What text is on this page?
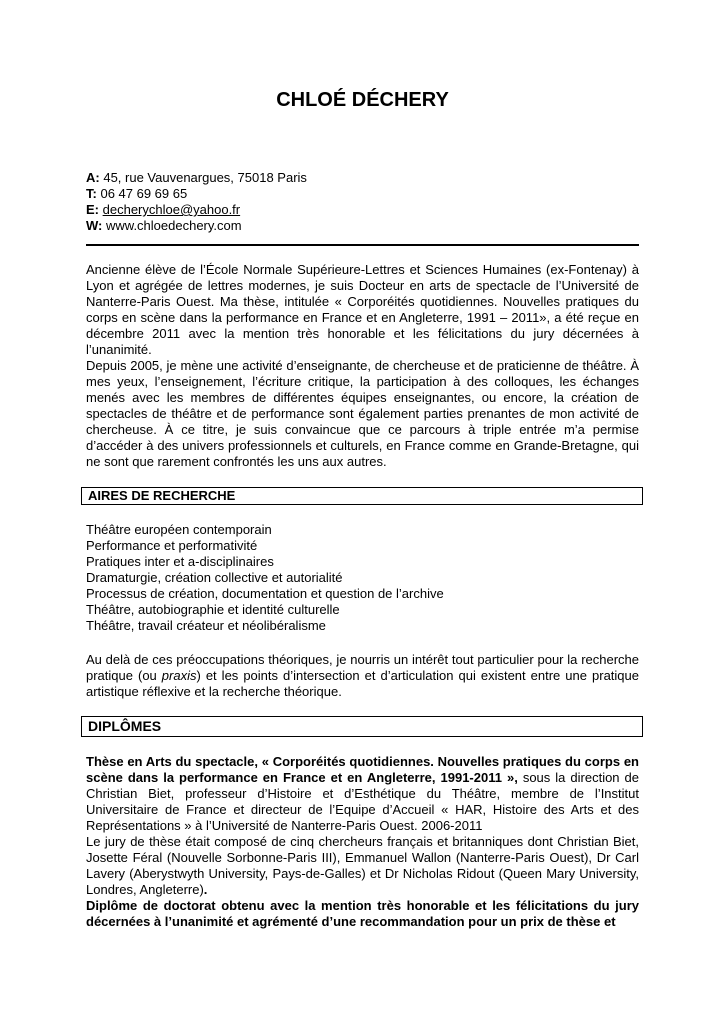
CHLOÉ DÉCHERY
A: 45, rue Vauvenargues, 75018 Paris
T: 06 47 69 69 65
E: decherychloe@yahoo.fr
W: www.chloedechery.com

Ancienne élève de l’École Normale Supérieure-Lettres et Sciences Humaines (ex-Fontenay) à Lyon et agrégée de lettres modernes, je suis Docteur en arts de spectacle de l’Université de Nanterre-Paris Ouest. Ma thèse, intitulée « Corporéités quotidiennes. Nouvelles pratiques du corps en scène dans la performance en France et en Angleterre, 1991 – 2011», a été reçue en décembre 2011 avec la mention très honorable et les félicitations du jury décernées à l’unanimité.

Depuis 2005, je mène une activité d’enseignante, de chercheuse et de praticienne de théâtre. À mes yeux, l’enseignement, l’écriture critique, la participation à des colloques, les échanges menés avec les membres de différentes équipes enseignantes, ou encore, la création de spectacles de théâtre et de performance sont également parties prenantes de mon activité de chercheuse. À ce titre, je suis convaincue que ce parcours à triple entrée m’a permise d’accéder à des univers professionnels et culturels, en France comme en Grande-Bretagne, qui ne sont que rarement confrontés les uns aux autres.

AIRES DE RECHERCHE
Théâtre européen contemporain
Performance et performativité
Pratiques inter et a-disciplinaires
Dramaturgie, création collective et autorialité
Processus de création, documentation et question de l’archive
Théâtre, autobiographie et identité culturelle
Théâtre, travail créateur et néolibéralisme

Au delà de ces préoccupations théoriques, je nourris un intérêt tout particulier pour la recherche pratique (ou praxis) et les points d’intersection et d’articulation qui existent entre une pratique artistique réflexive et la recherche théorique.

DIPLÔMES

Thèse en Arts du spectacle, « Corporéités quotidiennes. Nouvelles pratiques du corps en scène dans la performance en France et en Angleterre, 1991-2011 », sous la direction de Christian Biet, professeur d’Histoire et d’Esthétique du Théâtre, membre de l’Institut Universitaire de France et directeur de l’Equipe d’Accueil « HAR, Histoire des Arts et des Représentations » à l’Université de Nanterre-Paris Ouest. 2006-2011

Le jury de thèse était composé de cinq chercheurs français et britanniques dont Christian Biet, Josette Féral (Nouvelle Sorbonne-Paris III), Emmanuel Wallon (Nanterre-Paris Ouest), Dr Carl Lavery (Aberystwyth University, Pays-de-Galles) et Dr Nicholas Ridout (Queen Mary University, Londres, Angleterre).

Diplôme de doctorat obtenu avec la mention très honorable et les félicitations du jury décernées à l’unanimité et agrémenté d’une recommandation pour un prix de thèse et
